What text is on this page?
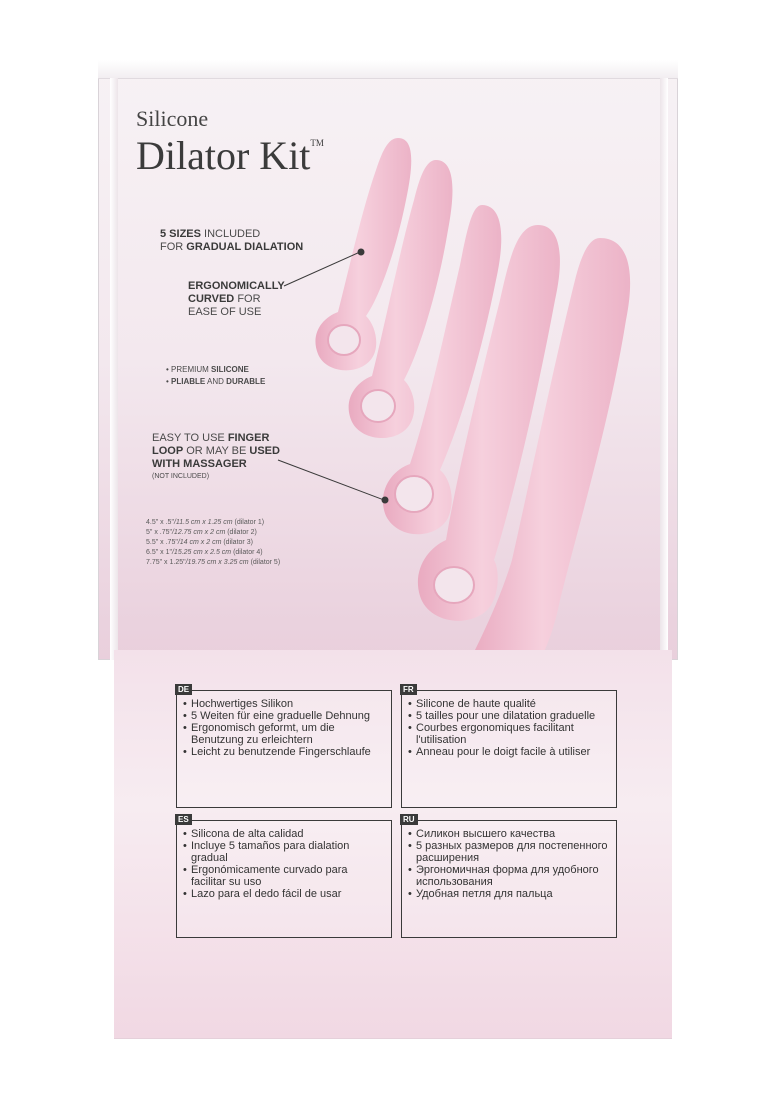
Silicone
Dilator Kit™
5 SIZES INCLUDED
FOR GRADUAL DIALATION
ERGONOMICALLY
CURVED FOR
EASE OF USE
• PREMIUM SILICONE
• PLIABLE AND DURABLE
EASY TO USE FINGER
LOOP OR MAY BE USED
WITH MASSAGER
(NOT INCLUDED)
4.5" x .5"/11.5 cm x 1.25 cm (dilator 1)
5" x .75"/12.75 cm x 2 cm (dilator 2)
5.5" x .75"/14 cm x 2 cm (dilator 3)
6.5" x 1"/15.25 cm x 2.5 cm (dilator 4)
7.75" x 1.25"/19.75 cm x 3.25 cm (dilator 5)
DE
• Hochwertiges Silikon
• 5 Weiten für eine graduelle Dehnung
• Ergonomisch geformt, um die Benutzung zu erleichtern
• Leicht zu benutzende Fingerschlaufe
FR
• Silicone de haute qualité
• 5 tailles pour une dilatation graduelle
• Courbes ergonomiques facilitant l'utilisation
• Anneau pour le doigt facile à utiliser
ES
• Silicona de alta calidad
• Incluye 5 tamaños para dialation gradual
• Ergonómicamente curvado para facilitar su uso
• Lazo para el dedo fácil de usar
RU
• Силикон высшего качества
• 5 разных размеров для постепенного расширения
• Эргономичная форма для удобного использования
• Удобная петля для пальца
